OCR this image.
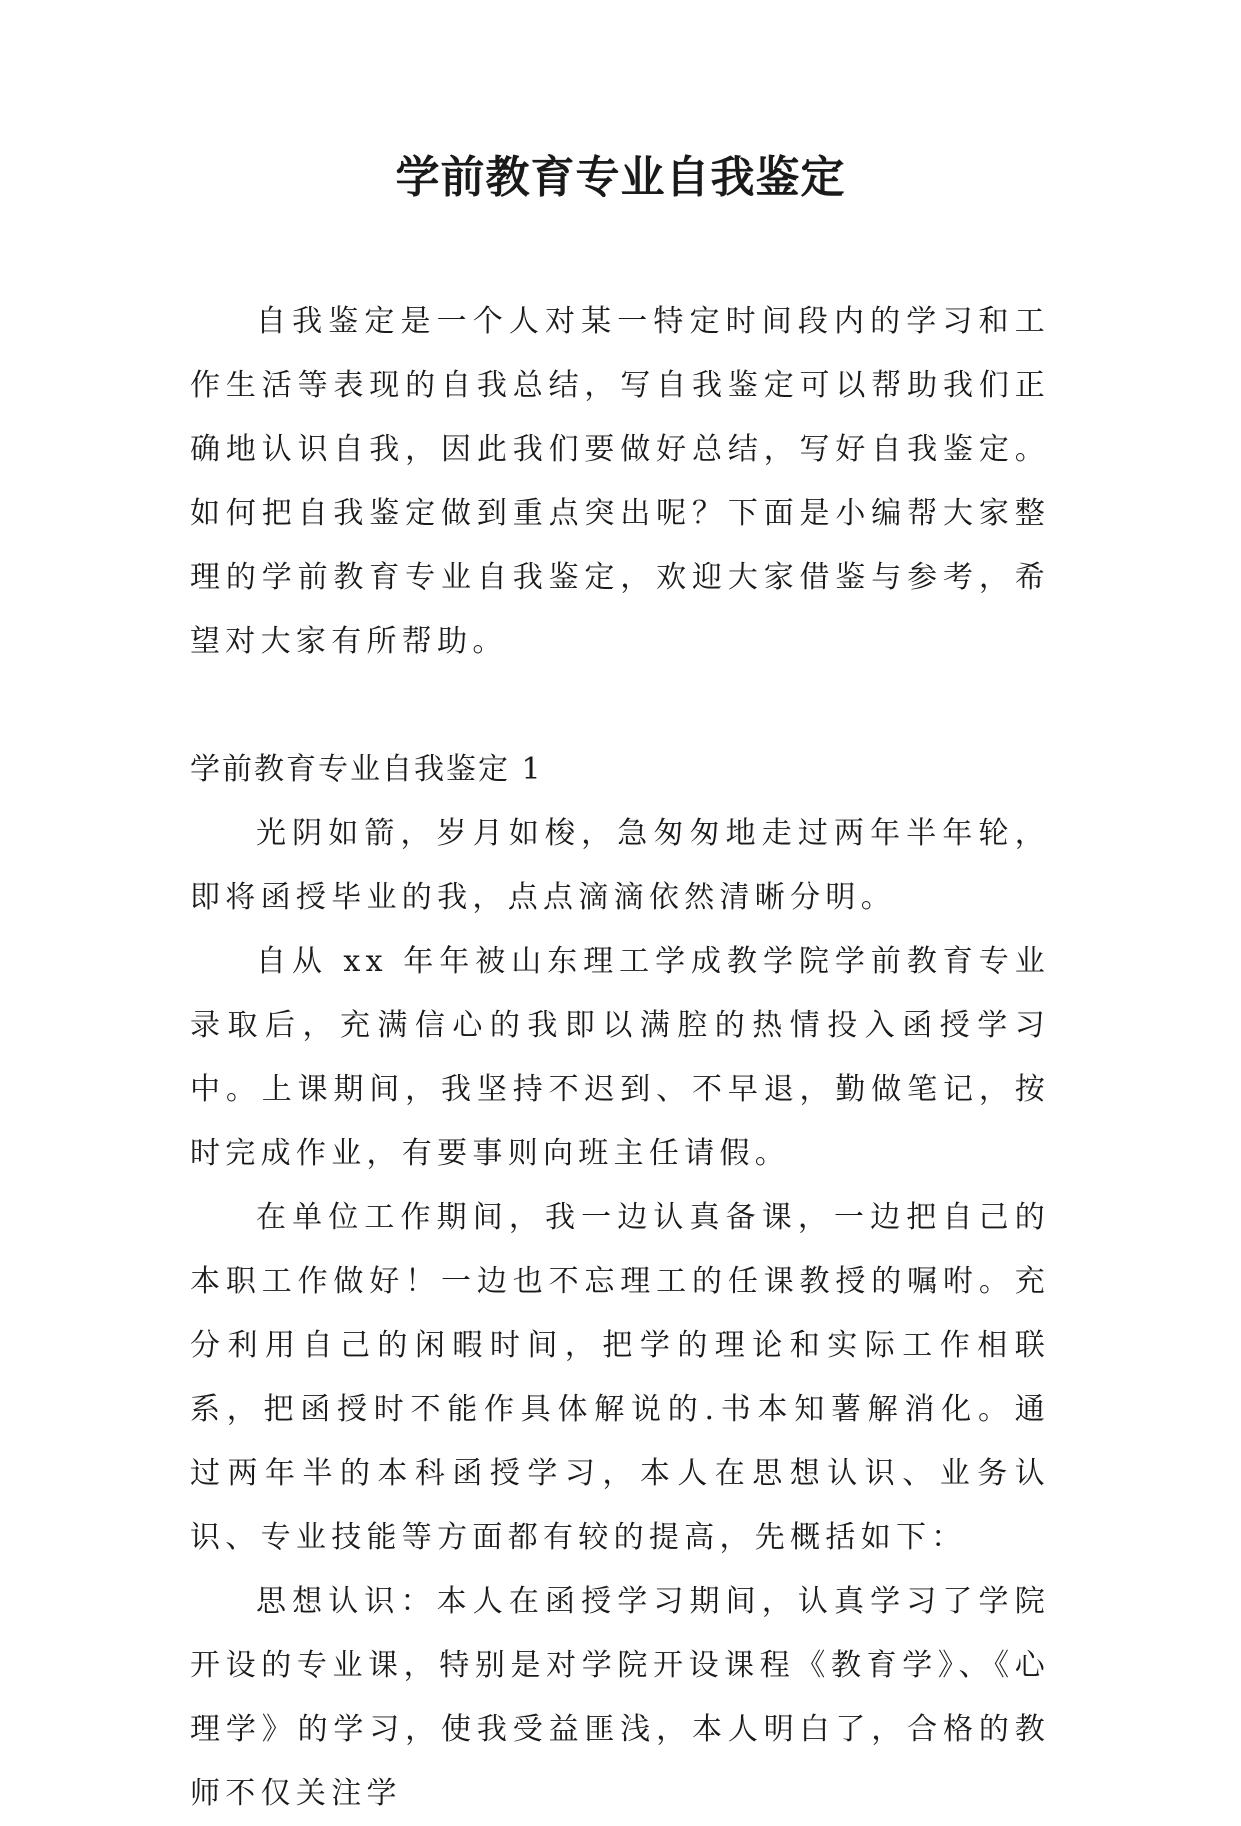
学前教育专业自我鉴定

自我鉴定是一个人对某一特定时间段内的学习和工作生活等表现的自我总结，写自我鉴定可以帮助我们正确地认识自我，因此我们要做好总结，写好自我鉴定。如何把自我鉴定做到重点突出呢？下面是小编帮大家整理的学前教育专业自我鉴定，欢迎大家借鉴与参考，希望对大家有所帮助。

学前教育专业自我鉴定 1

光阴如箭，岁月如梭，急匆匆地走过两年半年轮，即将函授毕业的我，点点滴滴依然清晰分明。

自从 xx 年年被山东理工学成教学院学前教育专业录取后，充满信心的我即以满腔的热情投入函授学习中。上课期间，我坚持不迟到、不早退，勤做笔记，按时完成作业，有要事则向班主任请假。

在单位工作期间，我一边认真备课，一边把自己的本职工作做好！一边也不忘理工的任课教授的嘱咐。充分利用自己的闲暇时间，把学的理论和实际工作相联系，把函授时不能作具体解说的.书本知薯解消化。通过两年半的本科函授学习，本人在思想认识、业务认识、专业技能等方面都有较的提高，先概括如下：

思想认识：本人在函授学习期间，认真学习了学院开设的专业课，特别是对学院开设课程《教育学》、《心理学》的学习，使我受益匪浅，本人明白了，合格的教师不仅关注学
